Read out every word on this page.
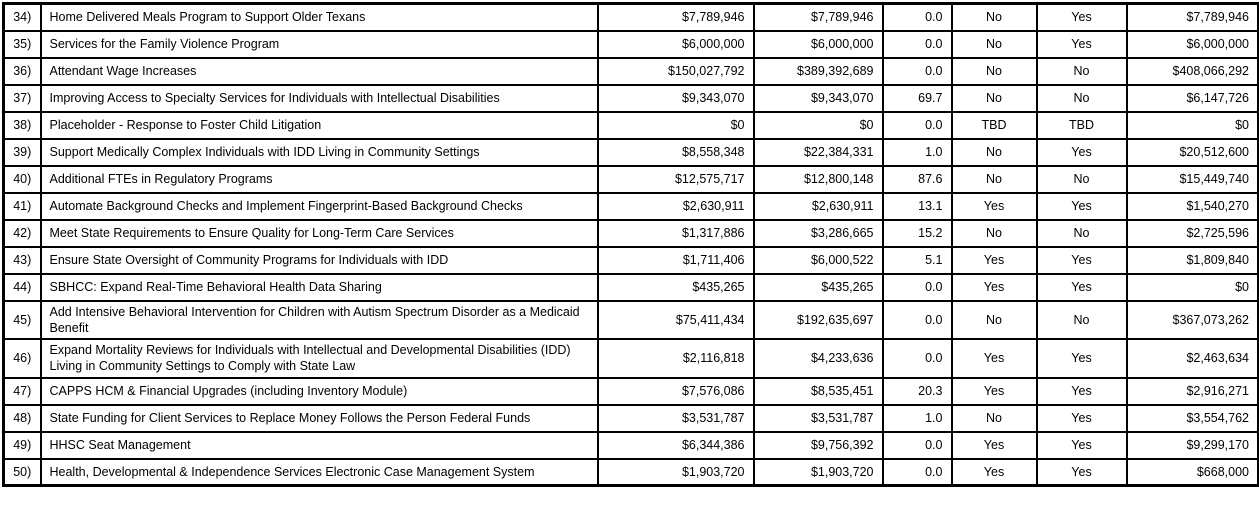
34)	Home Delivered Meals Program to Support Older Texans	$7,789,946	$7,789,946	0.0	No	Yes	$7,789,946
35)	Services for the Family Violence Program	$6,000,000	$6,000,000	0.0	No	Yes	$6,000,000
36)	Attendant Wage Increases	$150,027,792	$389,392,689	0.0	No	No	$408,066,292
37)	Improving Access to Specialty Services for Individuals with Intellectual Disabilities	$9,343,070	$9,343,070	69.7	No	No	$6,147,726
38)	Placeholder - Response to Foster Child Litigation	$0	$0	0.0	TBD	TBD	$0
39)	Support Medically Complex Individuals with IDD Living in Community Settings	$8,558,348	$22,384,331	1.0	No	Yes	$20,512,600
40)	Additional FTEs in Regulatory Programs	$12,575,717	$12,800,148	87.6	No	No	$15,449,740
41)	Automate Background Checks and Implement Fingerprint-Based Background Checks	$2,630,911	$2,630,911	13.1	Yes	Yes	$1,540,270
42)	Meet State Requirements to Ensure Quality for Long-Term Care Services	$1,317,886	$3,286,665	15.2	No	No	$2,725,596
43)	Ensure State Oversight of Community Programs for Individuals with IDD	$1,711,406	$6,000,522	5.1	Yes	Yes	$1,809,840
44)	SBHCC: Expand Real-Time Behavioral Health Data Sharing	$435,265	$435,265	0.0	Yes	Yes	$0
45)	Add Intensive Behavioral Intervention for Children with Autism Spectrum Disorder as a Medicaid Benefit	$75,411,434	$192,635,697	0.0	No	No	$367,073,262
46)	Expand Mortality Reviews for Individuals with Intellectual and Developmental Disabilities (IDD) Living in Community Settings to Comply with State Law	$2,116,818	$4,233,636	0.0	Yes	Yes	$2,463,634
47)	CAPPS HCM & Financial Upgrades (including Inventory Module)	$7,576,086	$8,535,451	20.3	Yes	Yes	$2,916,271
48)	State Funding for Client Services to Replace Money Follows the Person Federal Funds	$3,531,787	$3,531,787	1.0	No	Yes	$3,554,762
49)	HHSC Seat Management	$6,344,386	$9,756,392	0.0	Yes	Yes	$9,299,170
50)	Health, Developmental & Independence Services Electronic Case Management System	$1,903,720	$1,903,720	0.0	Yes	Yes	$668,000
